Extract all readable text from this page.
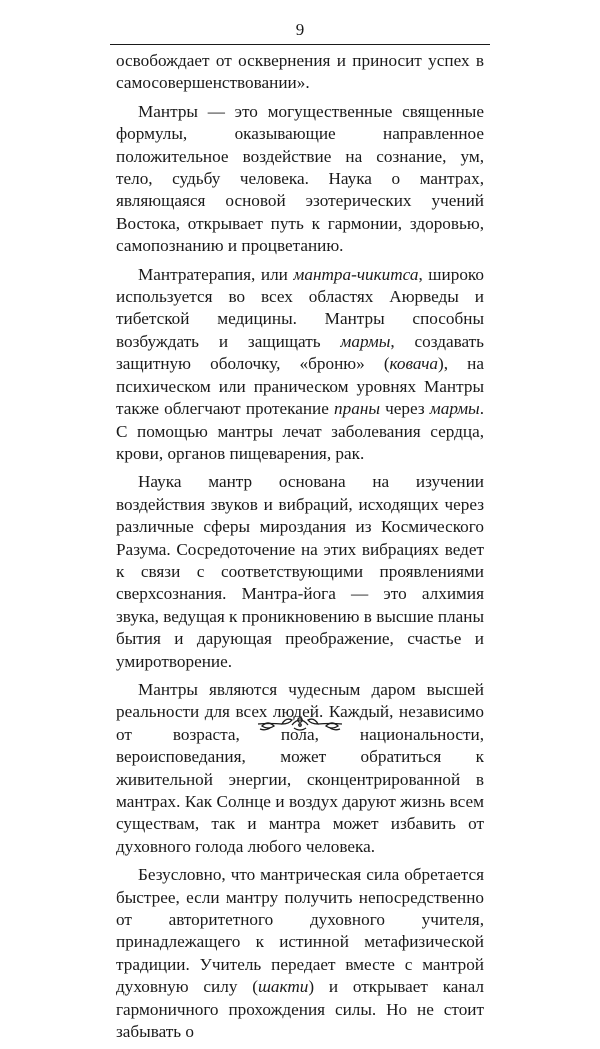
9

освобождает от осквернения и приносит успех в самосовершенствовании».

Мантры — это могущественные священные формулы, оказывающие направленное положительное воздействие на сознание, ум, тело, судьбу человека. Наука о мантрах, являющаяся основой эзотерических учений Востока, открывает путь к гармонии, здоровью, самопознанию и процветанию.

Мантратерапия, или мантра-чикитса, широко используется во всех областях Аюрведы и тибетской медицины. Мантры способны возбуждать и защищать мармы, создавать защитную оболочку, «броню» (ковача), на психическом или праническом уровнях Мантры также облегчают протекание праны через мармы. С помощью мантры лечат заболевания сердца, крови, органов пищеварения, рак.

Наука мантр основана на изучении воздействия звуков и вибраций, исходящих через различные сферы мироздания из Космического Разума. Сосредоточение на этих вибрациях ведет к связи с соответствующими проявлениями сверхсознания. Мантра-йога — это алхимия звука, ведущая к проникновению в высшие планы бытия и дарующая преображение, счастье и умиротворение.

Мантры являются чудесным даром высшей реальности для всех людей. Каждый, независимо от возраста, пола, национальности, вероисповедания, может обратиться к живительной энергии, сконцентрированной в мантрах. Как Солнце и воздух даруют жизнь всем существам, так и мантра может избавить от духовного голода любого человека.

Безусловно, что мантрическая сила обретается быстрее, если мантру получить непосредственно от авторитетного духовного учителя, принадлежащего к истинной метафизической традиции. Учитель передает вместе с мантрой духовную силу (шакти) и открывает канал гармоничного прохождения силы. Но не стоит забывать о
